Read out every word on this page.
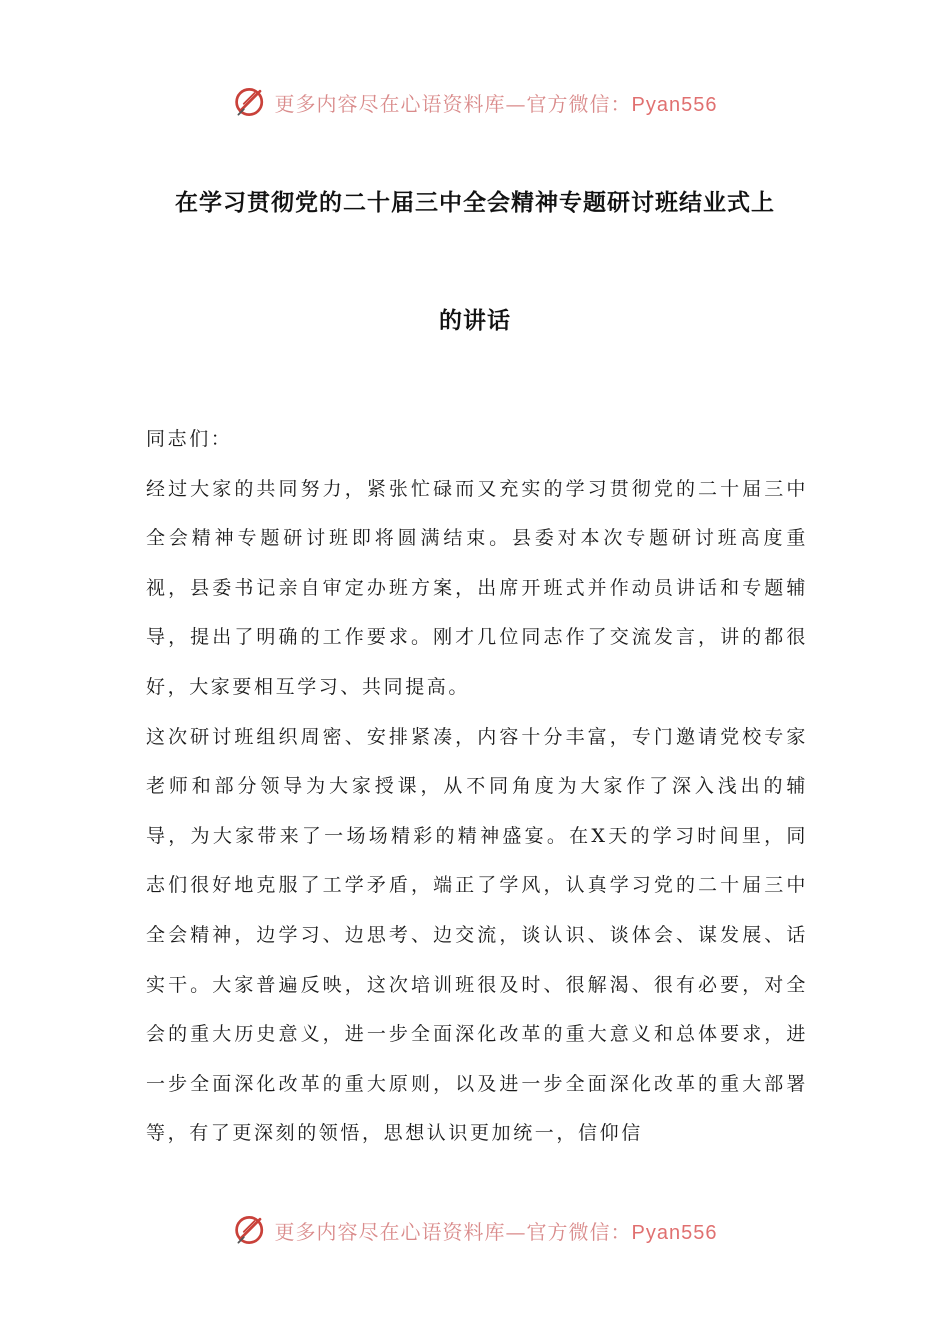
更多内容尽在心语资料库—官方微信：Pyan556
在学习贯彻党的二十届三中全会精神专题研讨班结业式上
的讲话

同志们：

经过大家的共同努力，紧张忙碌而又充实的学习贯彻党的二十届三中全会精神专题研讨班即将圆满结束。县委对本次专题研讨班高度重视，县委书记亲自审定办班方案，出席开班式并作动员讲话和专题辅导，提出了明确的工作要求。刚才几位同志作了交流发言，讲的都很好，大家要相互学习、共同提高。

这次研讨班组织周密、安排紧凑，内容十分丰富，专门邀请党校专家老师和部分领导为大家授课，从不同角度为大家作了深入浅出的辅导，为大家带来了一场场精彩的精神盛宴。在X天的学习时间里，同志们很好地克服了工学矛盾，端正了学风，认真学习党的二十届三中全会精神，边学习、边思考、边交流，谈认识、谈体会、谋发展、话实干。大家普遍反映，这次培训班很及时、很解渴、很有必要，对全会的重大历史意义，进一步全面深化改革的重大意义和总体要求，进一步全面深化改革的重大原则，以及进一步全面深化改革的重大部署等，有了更深刻的领悟，思想认识更加统一，信仰信

更多内容尽在心语资料库—官方微信：Pyan556
